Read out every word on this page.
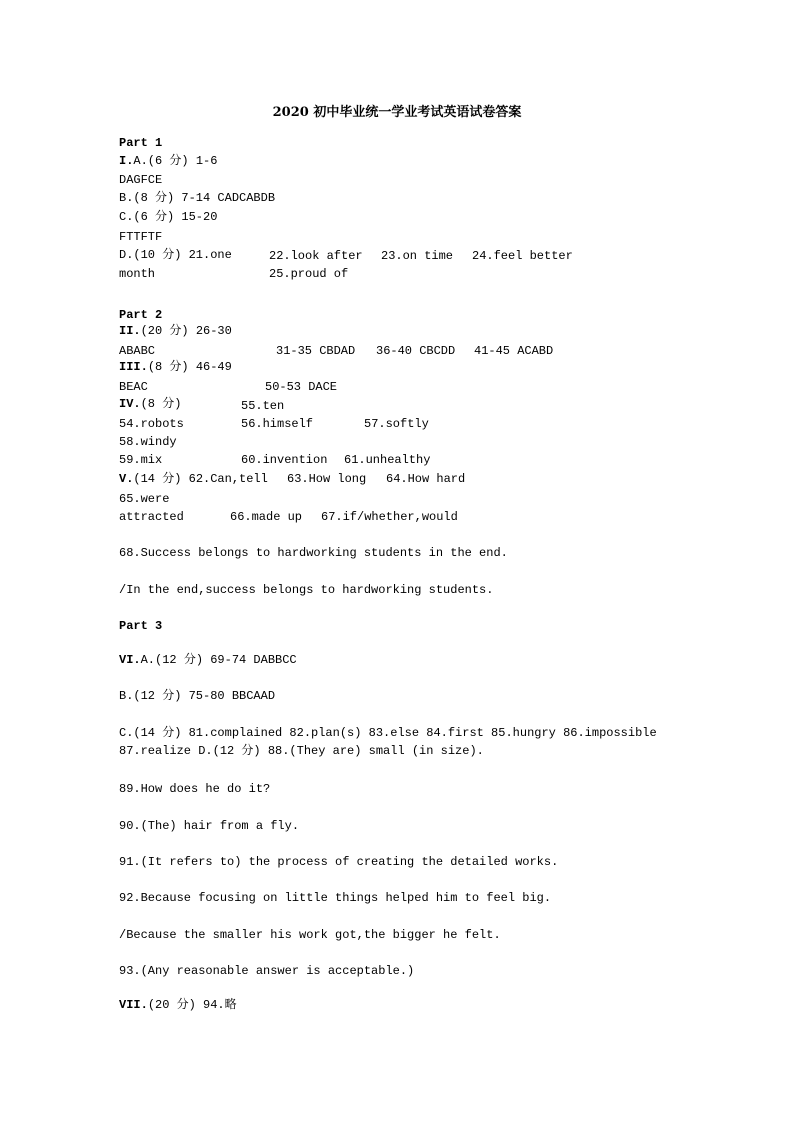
2020 初中毕业统一学业考试英语试卷答案
Part 1
I.A.(6 分) 1-6
DAGFCE
B.(8 分) 7-14 CADCABDB
C.(6 分) 15-20
FTTFTF
D.(10 分) 21.one	22.look after 23.on time 24.feel better
month	25.proud of
Part 2
II.(20 分) 26-30
ABABC	31-35 CBDAD 36-40 CBCDD 41-45 ACABD
III.(8 分) 46-49
BEAC	50-53 DACE
IV.(8 分)	55.ten
54.robots	56.himself	57.softly
58.windy
59.mix	60.invention 61.unhealthy
V.(14 分) 62.Can,tell 63.How long 64.How hard
65.were
attracted	66.made up 67.if/whether,would
68.Success belongs to hardworking students in the end.
/In the end,success belongs to hardworking students.
Part 3
VI.A.(12 分) 69-74 DABBCC
B.(12 分) 75-80 BBCAAD
C.(14 分) 81.complained 82.plan(s) 83.else 84.first 85.hungry 86.impossible
87.realize D.(12 分) 88.(They are) small (in size).
89.How does he do it?
90.(The) hair from a fly.
91.(It refers to) the process of creating the detailed works.
92.Because focusing on little things helped him to feel big.
/Because the smaller his work got,the bigger he felt.
93.(Any reasonable answer is acceptable.)
VII.(20 分) 94.略
